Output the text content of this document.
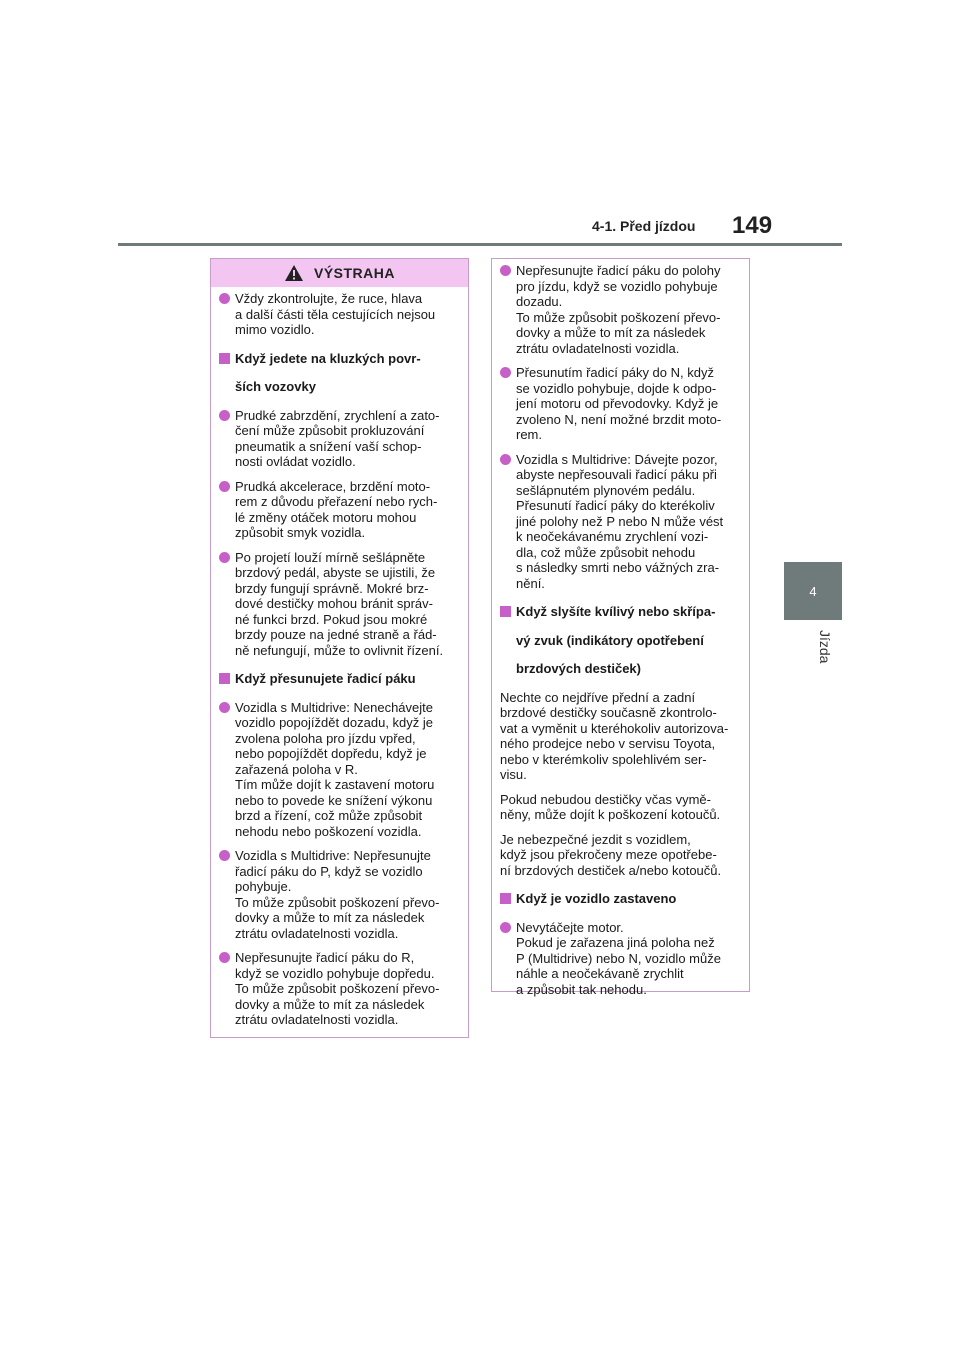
4-1. Před jízdou 149
4
Jízda
VÝSTRAHA

Vždy zkontrolujte, že ruce, hlava

a další části těla cestujících nejsou

mimo vozidlo.

Když jedete na kluzkých povr-

ších vozovky

Prudké zabrzdění, zrychlení a zato-

čení může způsobit prokluzování

pneumatik a snížení vaší schop-

nosti ovládat vozidlo.

Prudká akcelerace, brzdění moto-

rem z důvodu přeřazení nebo rych-

lé změny otáček motoru mohou

způsobit smyk vozidla.

Po projetí louží mírně sešlápněte

brzdový pedál, abyste se ujistili, že

brzdy fungují správně. Mokré brz-

dové destičky mohou bránit správ-

né funkci brzd. Pokud jsou mokré

brzdy pouze na jedné straně a řád-

ně nefungují, může to ovlivnit řízení.

Když přesunujete řadicí páku

Vozidla s Multidrive: Nenechávejte

vozidlo popojíždět dozadu, když je

zvolena poloha pro jízdu vpřed,

nebo popojíždět dopředu, když je

zařazená poloha v R.

Tím může dojít k zastavení motoru

nebo to povede ke snížení výkonu

brzd a řízení, což může způsobit

nehodu nebo poškození vozidla.

Vozidla s Multidrive: Nepřesunujte

řadicí páku do P, když se vozidlo

pohybuje.

To může způsobit poškození převo-

dovky a může to mít za následek

ztrátu ovladatelnosti vozidla.

Nepřesunujte řadicí páku do R,

když se vozidlo pohybuje dopředu.

To může způsobit poškození převo-

dovky a může to mít za následek

ztrátu ovladatelnosti vozidla.

Nepřesunujte řadicí páku do polohy

pro jízdu, když se vozidlo pohybuje

dozadu.

To může způsobit poškození převo-

dovky a může to mít za následek

ztrátu ovladatelnosti vozidla.

Přesunutím řadicí páky do N, když

se vozidlo pohybuje, dojde k odpo-

jení motoru od převodovky. Když je

zvoleno N, není možné brzdit moto-

rem.

Vozidla s Multidrive: Dávejte pozor,

abyste nepřesouvali řadicí páku při

sešlápnutém plynovém pedálu.

Přesunutí řadicí páky do kterékoliv

jiné polohy než P nebo N může vést

k neočekávanému zrychlení vozi-

dla, což může způsobit nehodu

s následky smrti nebo vážných zra-

nění.

Když slyšíte kvílivý nebo skřípa-

vý zvuk (indikátory opotřebení

brzdových destiček)

Nechte co nejdříve přední a zadní

brzdové destičky současně zkontrolo-

vat a vyměnit u kteréhokoliv autorizova-

ného prodejce nebo v servisu Toyota,

nebo v kterémkoliv spolehlivém ser-

visu.

Pokud nebudou destičky včas vymě-

něny, může dojít k poškození kotoučů.

Je nebezpečné jezdit s vozidlem,

když jsou překročeny meze opotřebe-

ní brzdových destiček a/nebo kotoučů.

Když je vozidlo zastaveno

Nevytáčejte motor.

Pokud je zařazena jiná poloha než

P (Multidrive) nebo N, vozidlo může

náhle a neočekávaně zrychlit

a způsobit tak nehodu.
